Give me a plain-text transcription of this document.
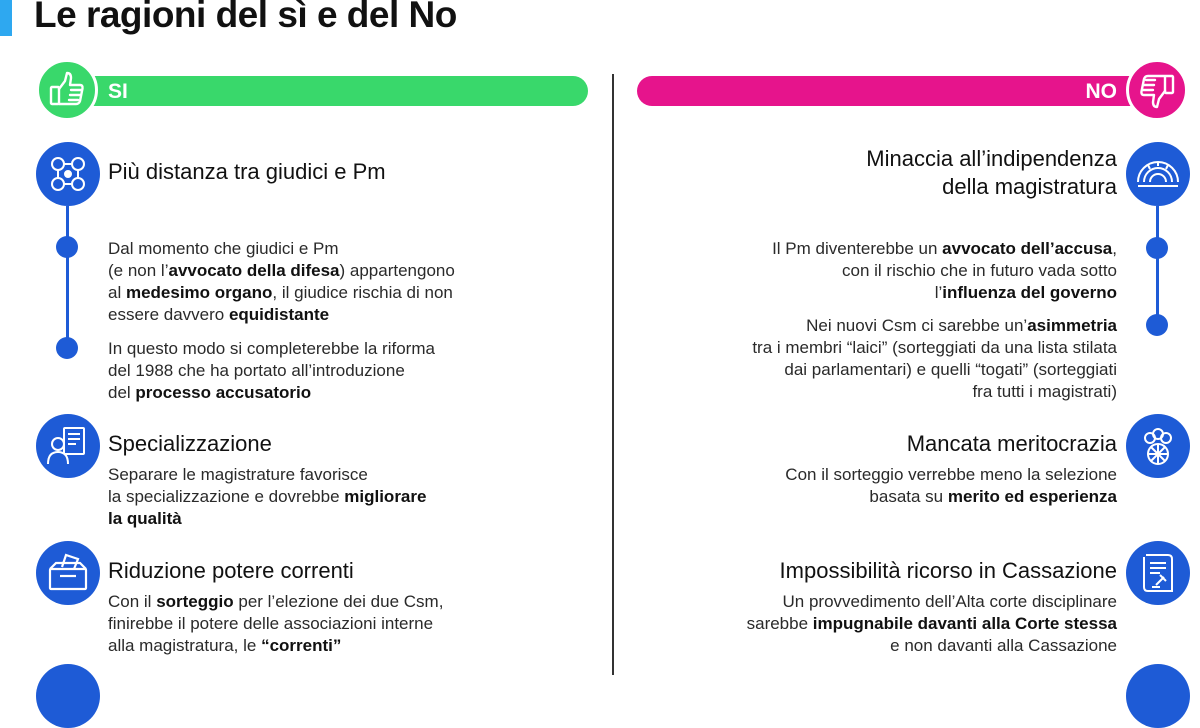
Le ragioni del sì e del No
SI	NO
Più distanza tra giudici e Pm
Dal momento che giudici e Pm
(e non l’avvocato della difesa) appartengono
al medesimo organo, il giudice rischia di non
essere davvero equidistante
In questo modo si completerebbe la riforma
del 1988 che ha portato all’introduzione
del processo accusatorio
Specializzazione
Separare le magistrature favorisce
la specializzazione e dovrebbe migliorare
la qualità
Riduzione potere correnti
Con il sorteggio per l’elezione dei due Csm,
finirebbe il potere delle associazioni interne
alla magistratura, le “correnti”
Minaccia all’indipendenza
della magistratura
Il Pm diventerebbe un avvocato dell’accusa,
con il rischio che in futuro vada sotto
l’influenza del governo
Nei nuovi Csm ci sarebbe un’asimmetria
tra i membri “laici” (sorteggiati da una lista stilata
dai parlamentari) e quelli “togati” (sorteggiati
fra tutti i magistrati)
Mancata meritocrazia
Con il sorteggio verrebbe meno la selezione
basata su merito ed esperienza
Impossibilità ricorso in Cassazione
Un provvedimento dell’Alta corte disciplinare
sarebbe impugnabile davanti alla Corte stessa
e non davanti alla Cassazione
